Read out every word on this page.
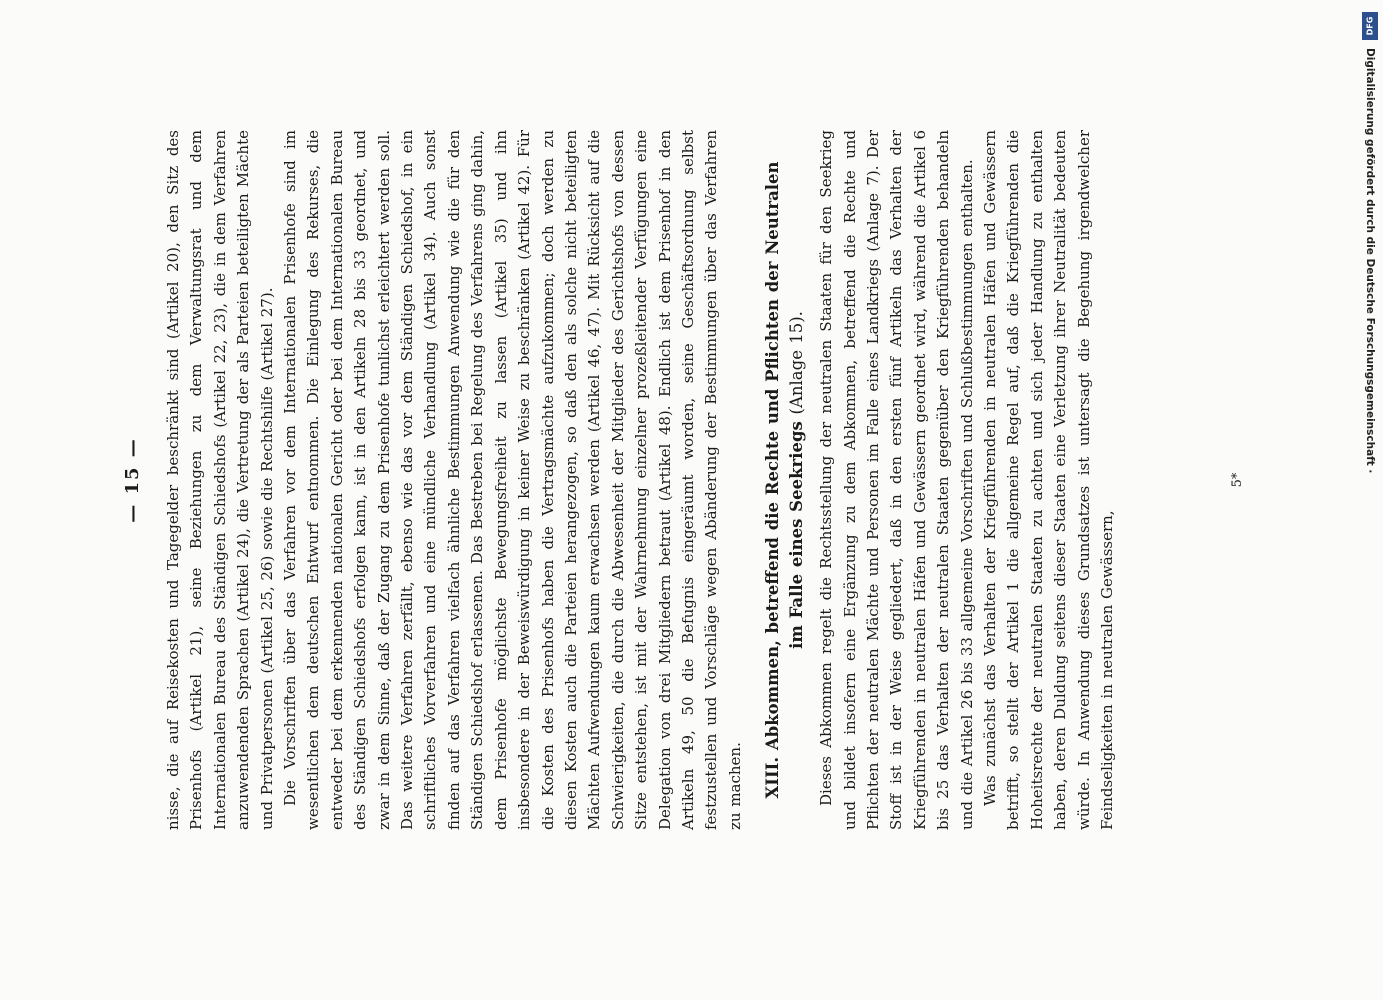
— 15 — nisse, die auf Reisekosten und Tagegelder beschränkt sind (Artikel 20), den Sitz des Prisenhofs (Artikel 21), seine Beziehungen zu dem Verwaltungsrat und dem Internationalen Bureau des Ständigen Schiedshofs (Artikel 22, 23), die in dem Verfahren anzuwendenden Sprachen (Artikel 24), die Vertretung der als Parteien beteiligten Mächte und Privatpersonen (Artikel 25, 26) sowie die Rechtshilfe (Artikel 27). Die Vorschriften über das Verfahren vor dem Internationalen Prisenhofe sind im wesentlichen dem deutschen Entwurf entnommen. Die Einlegung des Rekurses, die entweder bei dem erkennenden nationalen Gericht oder bei dem Internationalen Bureau des Ständigen Schiedshofs erfolgen kann, ist in den Artikeln 28 bis 33 geordnet, und zwar in dem Sinne, daß der Zugang zu dem Prisenhofe tunlichst erleichtert werden soll. Das weitere Verfahren zerfällt, ebenso wie das vor dem Ständigen Schiedshof, in ein schriftliches Vorverfahren und eine mündliche Verhandlung (Artikel 34). Auch sonst finden auf das Verfahren vielfach ähnliche Bestimmungen Anwendung wie die für den Ständigen Schiedshof erlassenen. Das Bestreben bei Regelung des Verfahrens ging dahin, dem Prisenhofe möglichste Bewegungsfreiheit zu lassen (Artikel 35) und ihn insbesondere in der Beweiswürdigung in keiner Weise zu beschränken (Artikel 42). Für die Kosten des Prisenhofs haben die Vertragsmächte aufzukommen; doch werden zu diesen Kosten auch die Parteien herangezogen, so daß den als solche nicht beteiligten Mächten Aufwendungen kaum erwachsen werden (Artikel 46, 47). Mit Rücksicht auf die Schwierigkeiten, die durch die Abwesenheit der Mitglieder des Gerichtshofs von dessen Sitze entstehen, ist mit der Wahrnehmung einzelner prozeßleitender Verfügungen eine Delegation von drei Mitgliedern betraut (Artikel 48). Endlich ist dem Prisenhof in den Artikeln 49, 50 die Befugnis eingeräumt worden, seine Geschäftsordnung selbst festzustellen und Vorschläge wegen Abänderung der Bestimmungen über das Verfahren zu machen. XIII. Abkommen, betreffend die Rechte und Pflichten der Neutralen im Falle eines Seekriegs (Anlage 15). Dieses Abkommen regelt die Rechtsstellung der neutralen Staaten für den Seekrieg und bildet insofern eine Ergänzung zu dem Abkommen, betreffend die Rechte und Pflichten der neutralen Mächte und Personen im Falle eines Landkriegs (Anlage 7). Der Stoff ist in der Weise gegliedert, daß in den ersten fünf Artikeln das Verhalten der Kriegführenden in neutralen Häfen und Gewässern geordnet wird, während die Artikel 6 bis 25 das Verhalten der neutralen Staaten gegenüber den Kriegführenden behandeln und die Artikel 26 bis 33 allgemeine Vorschriften und Schlußbestimmungen enthalten. Was zunächst das Verhalten der Kriegführenden in neutralen Häfen und Gewässern betrifft, so stellt der Artikel 1 die allgemeine Regel auf, daß die Kriegführenden die Hoheitsrechte der neutralen Staaten zu achten und sich jeder Handlung zu enthalten haben, deren Duldung seitens dieser Staaten eine Verletzung ihrer Neutralität bedeuten würde. In Anwendung dieses Grundsatzes ist untersagt die Begehung irgendwelcher Feindseligkeiten in neutralen Gewässern,

5*
DFG
Digitalisierung gefördert durch die Deutsche Forschungsgemeinschaft ·
